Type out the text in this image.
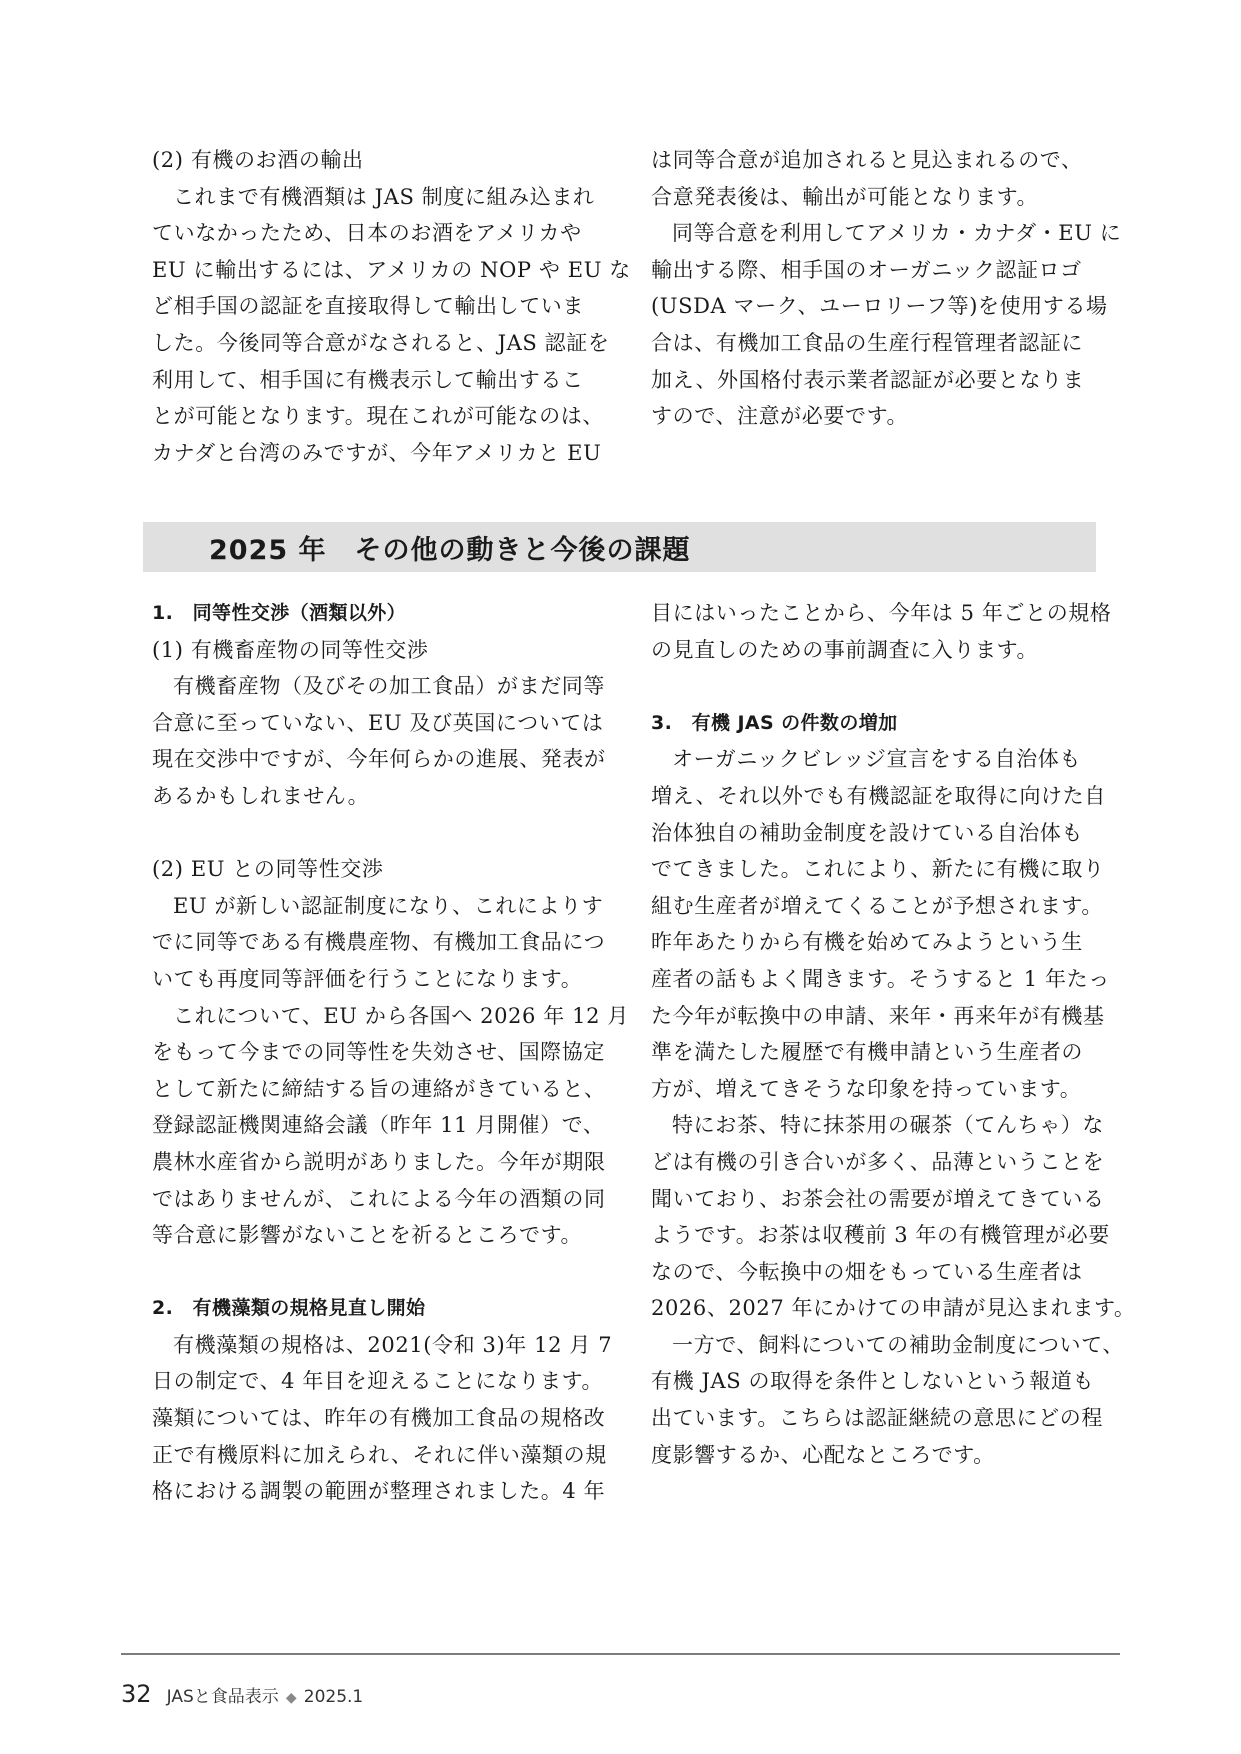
(2) 有機のお酒の輸出
これまで有機酒類は JAS 制度に組み込まれ
ていなかったため、日本のお酒をアメリカや
EU に輸出するには、アメリカの NOP や EU な
ど相手国の認証を直接取得して輸出していま
した。今後同等合意がなされると、JAS 認証を
利用して、相手国に有機表示して輸出するこ
とが可能となります。現在これが可能なのは、
カナダと台湾のみですが、今年アメリカと EU
は同等合意が追加されると見込まれるので、
合意発表後は、輸出が可能となります。
同等合意を利用してアメリカ・カナダ・EU に
輸出する際、相手国のオーガニック認証ロゴ
(USDA マーク、ユーロリーフ等)を使用する場
合は、有機加工食品の生産行程管理者認証に
加え、外国格付表示業者認証が必要となりま
すので、注意が必要です。
2025 年　その他の動きと今後の課題
1.　同等性交渉（酒類以外）
(1) 有機畜産物の同等性交渉
有機畜産物（及びその加工食品）がまだ同等
合意に至っていない、EU 及び英国については
現在交渉中ですが、今年何らかの進展、発表が
あるかもしれません。
(2) EU との同等性交渉
EU が新しい認証制度になり、これによりす
でに同等である有機農産物、有機加工食品につ
いても再度同等評価を行うことになります。
これについて、EU から各国へ 2026 年 12 月
をもって今までの同等性を失効させ、国際協定
として新たに締結する旨の連絡がきていると、
登録認証機関連絡会議（昨年 11 月開催）で、
農林水産省から説明がありました。今年が期限
ではありませんが、これによる今年の酒類の同
等合意に影響がないことを祈るところです。
2.　有機藻類の規格見直し開始
有機藻類の規格は、2021(令和 3)年 12 月 7
日の制定で、4 年目を迎えることになります。
藻類については、昨年の有機加工食品の規格改
正で有機原料に加えられ、それに伴い藻類の規
格における調製の範囲が整理されました。4 年
目にはいったことから、今年は 5 年ごとの規格
の見直しのための事前調査に入ります。
3.　有機 JAS の件数の増加
オーガニックビレッジ宣言をする自治体も
増え、それ以外でも有機認証を取得に向けた自
治体独自の補助金制度を設けている自治体も
でてきました。これにより、新たに有機に取り
組む生産者が増えてくることが予想されます。
昨年あたりから有機を始めてみようという生
産者の話もよく聞きます。そうすると 1 年たっ
た今年が転換中の申請、来年・再来年が有機基
準を満たした履歴で有機申請という生産者の
方が、増えてきそうな印象を持っています。
特にお茶、特に抹茶用の碾茶（てんちゃ）な
どは有機の引き合いが多く、品薄ということを
聞いており、お茶会社の需要が増えてきている
ようです。お茶は収穫前 3 年の有機管理が必要
なので、今転換中の畑をもっている生産者は
2026、2027 年にかけての申請が見込まれます。
一方で、飼料についての補助金制度について、
有機 JAS の取得を条件としないという報道も
出ています。こちらは認証継続の意思にどの程
度影響するか、心配なところです。
32 JASと食品表示 ◆ 2025.1
